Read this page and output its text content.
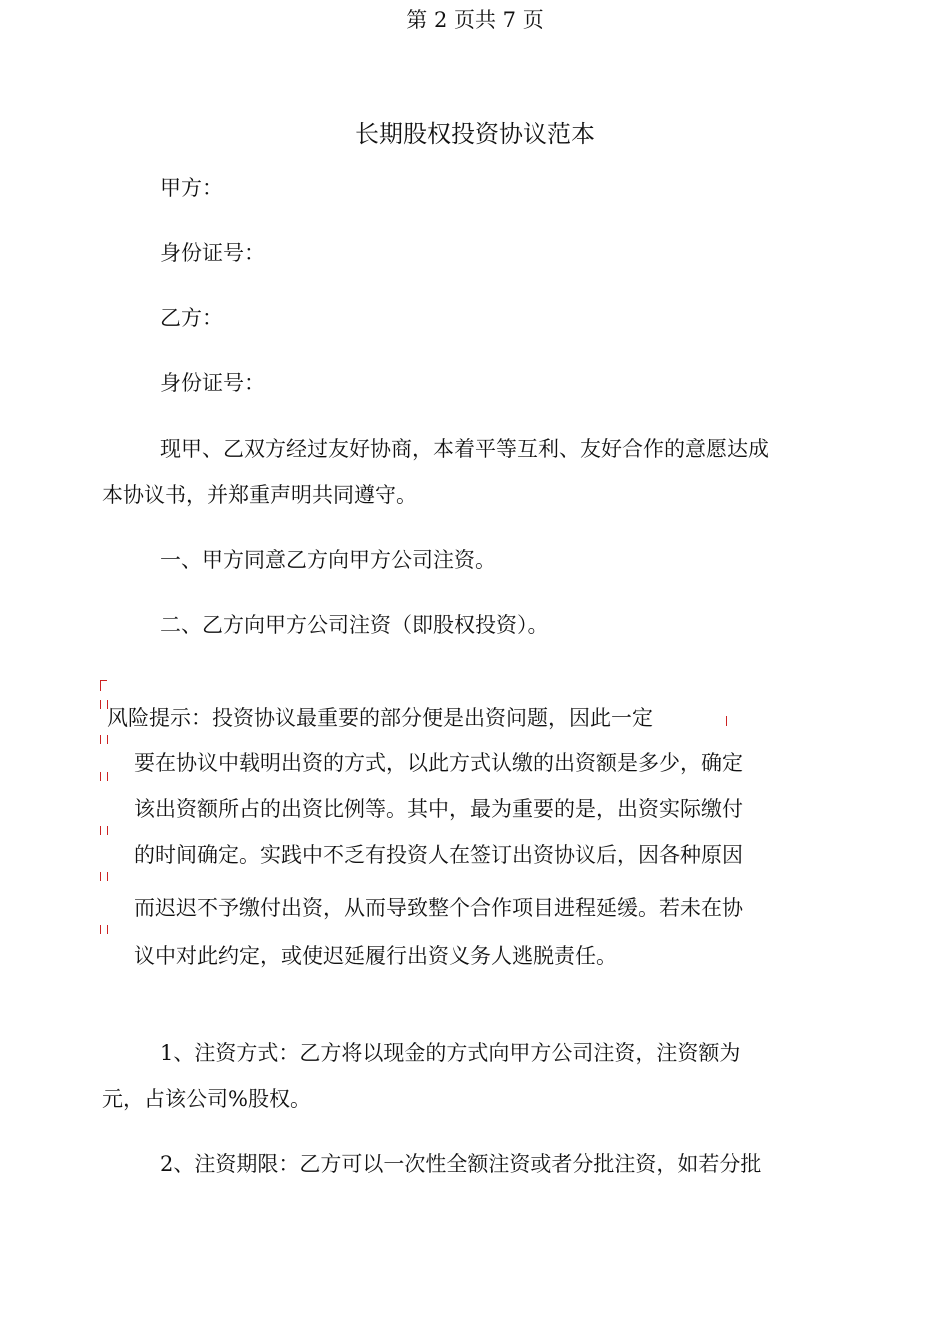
第 2 页共 7 页
长期股权投资协议范本
甲方：
身份证号：
乙方：
身份证号：
现甲、乙双方经过友好协商，本着平等互利、友好合作的意愿达成
本协议书，并郑重声明共同遵守。
一、甲方同意乙方向甲方公司注资。
二、乙方向甲方公司注资（即股权投资）。
风险提示：投资协议最重要的部分便是出资问题，因此一定
要在协议中载明出资的方式，以此方式认缴的出资额是多少，确定
该出资额所占的出资比例等。其中，最为重要的是，出资实际缴付
的时间确定。实践中不乏有投资人在签订出资协议后，因各种原因
而迟迟不予缴付出资，从而导致整个合作项目进程延缓。若未在协
议中对此约定，或使迟延履行出资义务人逃脱责任。
1、注资方式：乙方将以现金的方式向甲方公司注资，注资额为
元，占该公司%股权。
2、注资期限：乙方可以一次性全额注资或者分批注资，如若分批
